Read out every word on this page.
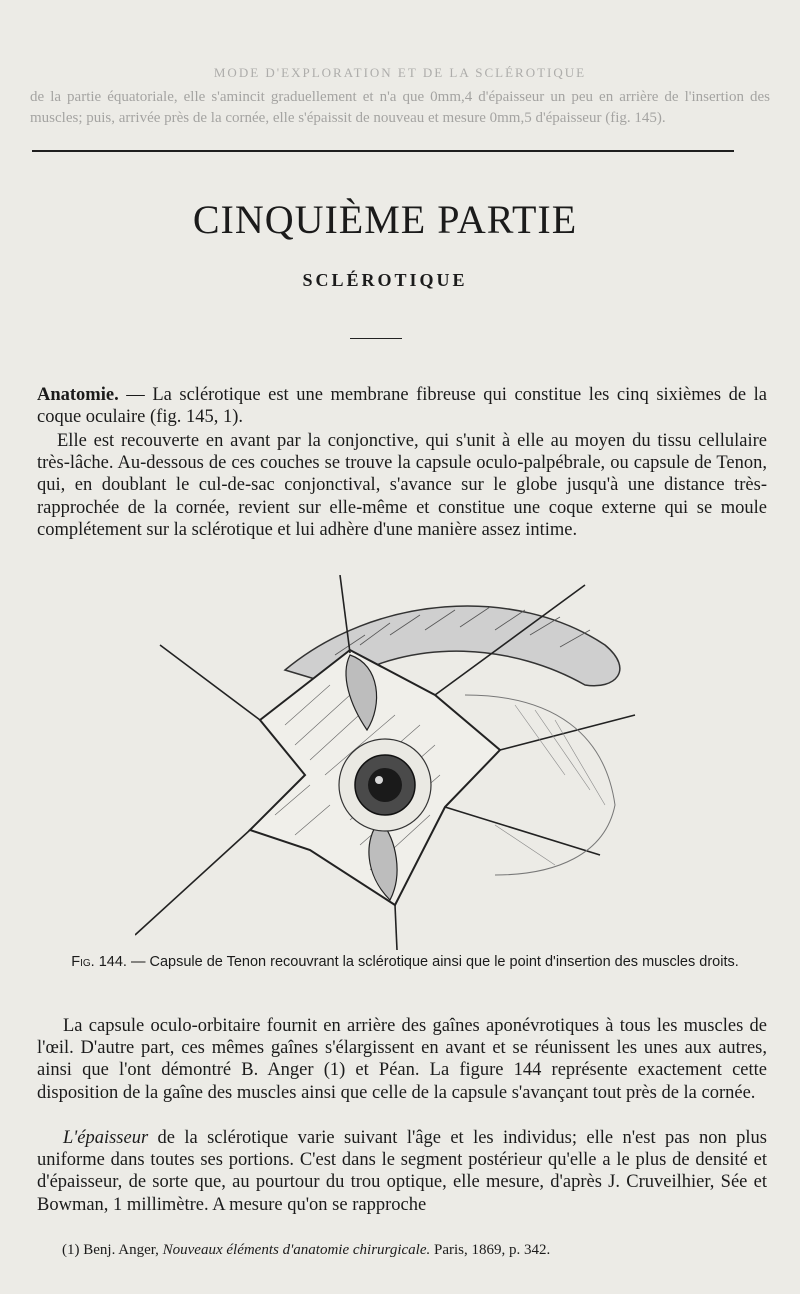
MODE D'EXPLORATION ET DE LA SCLÉROTIQUE
de la partie équatoriale, elle s'amincit graduellement et n'a que 0mm,4 d'épaisseur un peu en arrière de l'insertion des muscles; puis, arrivée près de la cornée, elle s'épaissit de nouveau et mesure 0mm,5 d'épaisseur (fig. 145).
CINQUIÈME PARTIE
SCLÉROTIQUE

Anatomie. — La sclérotique est une membrane fibreuse qui constitue les cinq sixièmes de la coque oculaire (fig. 145, 1).

Elle est recouverte en avant par la conjonctive, qui s'unit à elle au moyen du tissu cellulaire très-lâche. Au-dessous de ces couches se trouve la capsule oculo-palpébrale, ou capsule de Tenon, qui, en doublant le cul-de-sac conjonctival, s'avance sur le globe jusqu'à une distance très-rapprochée de la cornée, revient sur elle-même et constitue une coque externe qui se moule complétement sur la sclérotique et lui adhère d'une manière assez intime.

Fig. 144. — Capsule de Tenon recouvrant la sclérotique ainsi que le point d'insertion des muscles droits.

La capsule oculo-orbitaire fournit en arrière des gaînes aponévrotiques à tous les muscles de l'œil. D'autre part, ces mêmes gaînes s'élargissent en avant et se réunissent les unes aux autres, ainsi que l'ont démontré B. Anger (1) et Péan. La figure 144 représente exactement cette disposition de la gaîne des muscles ainsi que celle de la capsule s'avançant tout près de la cornée.

L'épaisseur de la sclérotique varie suivant l'âge et les individus; elle n'est pas non plus uniforme dans toutes ses portions. C'est dans le segment postérieur qu'elle a le plus de densité et d'épaisseur, de sorte que, au pourtour du trou optique, elle mesure, d'après J. Cruveilhier, Sée et Bowman, 1 millimètre. A mesure qu'on se rapproche

(1) Benj. Anger, Nouveaux éléments d'anatomie chirurgicale. Paris, 1869, p. 342.
